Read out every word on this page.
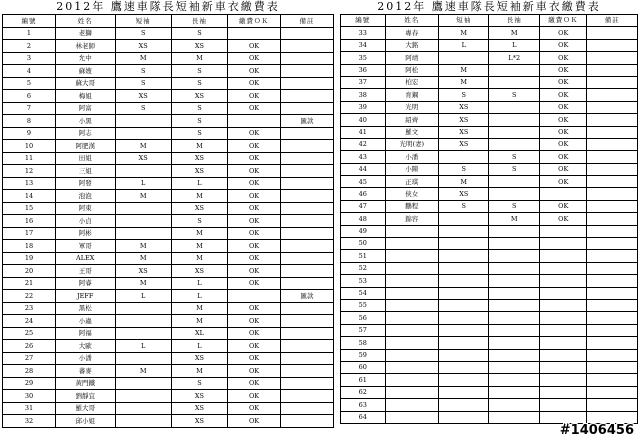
2012年 鷹速車隊長短袖新車衣繳費表
編號	姓名	短袖	長袖	繳費ＯＫ	備註
1	老獅	S	S		
2	林老師	XS	XS	OK	
3	允中	M	M	OK	
4	蘇嫂	S	S	OK	
5	蘇大哥	S	S	OK	
6	梅姐	XS	XS	OK	
7	阿富	S	S	OK	
8	小黑		S		匯款
9	阿志		S	OK	
10	阿肥漢	M	M	OK	
11	田姐	XS	XS	OK	
12	三姐		XS	OK	
13	阿發	L	L	OK	
14	泡泡	M	M	OK	
15	阿東		XS	OK	
16	小貞		S	OK	
17	阿彬		M	OK	
18	軍哥	M	M	OK	
19	ALEX	M	M	OK	
20	王哥	XS	XS	OK	
21	阿睿	M	L	OK	
22	JEFF	L	L		匯款
23	黑松		M	OK	
24	小蟲		M	OK	
25	阿福		XL	OK	
26	大歐	L	L	OK	
27	小潘		XS	OK	
28	蕃麥	M	M	OK	
29	黃門鐵		S	OK	
30	劉靜宜		XS	OK	
31	羅大哥		XS	OK	
32	邱小姐		XS	OK	
2012年 鷹速車隊長短袖新車衣繳費表
編號	姓名	短袖	長袖	繳費ＯＫ	備註
33	專春	M	M	OK	
34	大銘	L	L	OK	
35	阿靖		L*2	OK	
36	阿松	M		OK	
37	柏宏	M		OK	
38	育鋼	S	S	OK	
39	光明	XS		OK	
40	紹齊	XS		OK	
41	羅文	XS		OK	
42	光明(妻)	XS		OK	
43	小潘		S	OK	
44	小陳	S	S	OK	
45	正琪	M		OK	
46	俠女	XS			
47	鵬程	S	S	OK	
48	錦容		M	OK	
49					
50					
51					
52					
53					
54					
55					
56					
57					
58					
59					
60					
61					
62					
63					
64					
#1406456
